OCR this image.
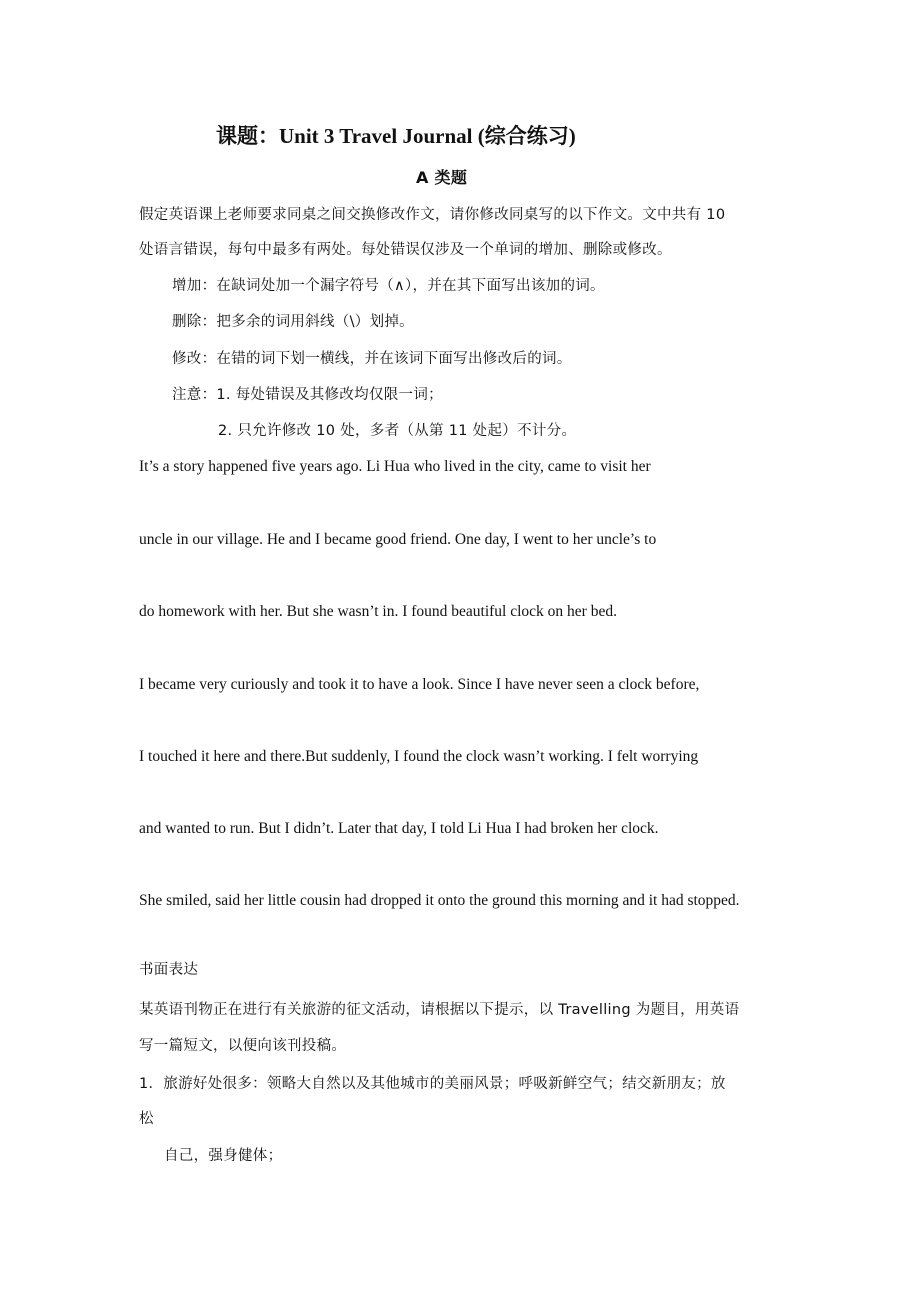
课题：Unit 3 Travel Journal (综合练习)
A 类题
假定英语课上老师要求同桌之间交换修改作文，请你修改同桌写的以下作文。文中共有 10
处语言错误，每句中最多有两处。每处错误仅涉及一个单词的增加、删除或修改。
增加：在缺词处加一个漏字符号（∧），并在其下面写出该加的词。
删除：把多余的词用斜线（\）划掉。
修改：在错的词下划一横线，并在该词下面写出修改后的词。
注意：1. 每处错误及其修改均仅限一词；
2. 只允许修改 10 处，多者（从第 11 处起）不计分。
It’s a story happened five years ago. Li Hua who lived in the city, came to visit her
uncle in our village. He and I became good friend. One day, I went to her uncle’s to
do homework with her. But she wasn’t in. I found beautiful clock on her bed.
I became very curiously and took it to have a look. Since I have never seen a clock before,
I touched it here and there.But suddenly, I found the clock wasn’t working. I felt worrying
and wanted to run. But I didn’t. Later that day, I told Li Hua I had broken her clock.
She smiled, said her little cousin had dropped it onto the ground this morning and it had stopped.
书面表达
某英语刊物正在进行有关旅游的征文活动，请根据以下提示，以 Travelling 为题目，用英语
写一篇短文，以便向该刊投稿。
1．旅游好处很多：领略大自然以及其他城市的美丽风景；呼吸新鲜空气；结交新朋友；放
松
自己，强身健体；
